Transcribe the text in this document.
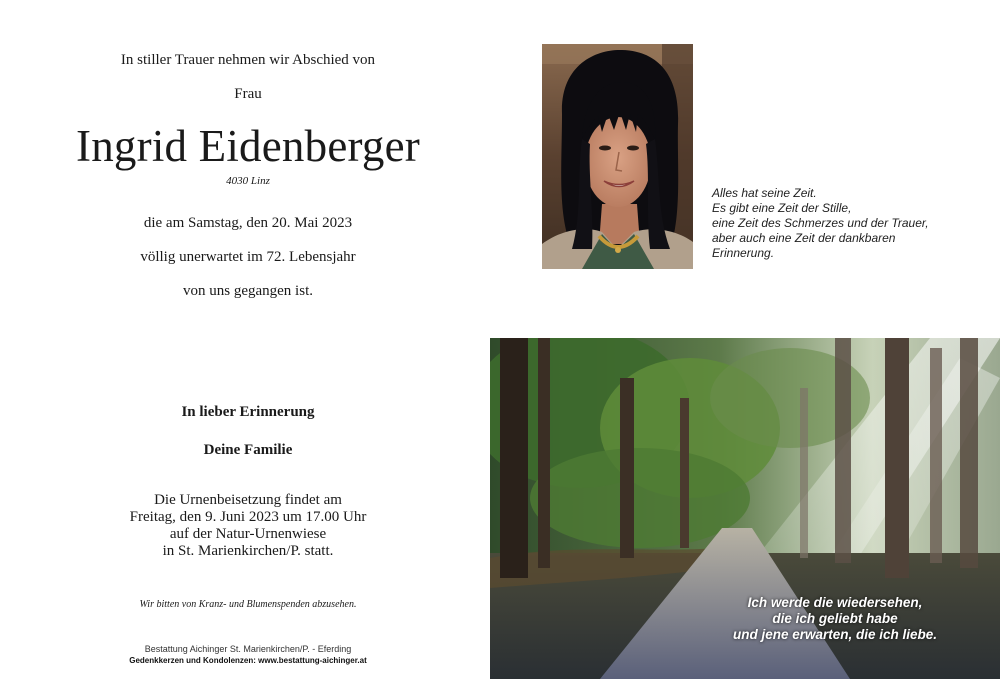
In stiller Trauer nehmen wir Abschied von
Frau
Ingrid Eidenberger
4030 Linz
die am Samstag, den 20. Mai 2023
völlig unerwartet im 72. Lebensjahr
von uns gegangen ist.
In lieber Erinnerung
Deine Familie
Die Urnenbeisetzung findet am
Freitag, den 9. Juni 2023 um 17.00 Uhr
auf der Natur-Urnenwiese
in St. Marienkirchen/P. statt.
Wir bitten von Kranz- und Blumenspenden abzusehen.
Bestattung Aichinger St. Marienkirchen/P. - Eferding
Gedenkkerzen und Kondolenzen: www.bestattung-aichinger.at
Alles hat seine Zeit.
Es gibt eine Zeit der Stille,
eine Zeit des Schmerzes und der Trauer,
aber auch eine Zeit der dankbaren
Erinnerung.
Ich werde die wiedersehen,
die ich geliebt habe
und jene erwarten, die ich liebe.
